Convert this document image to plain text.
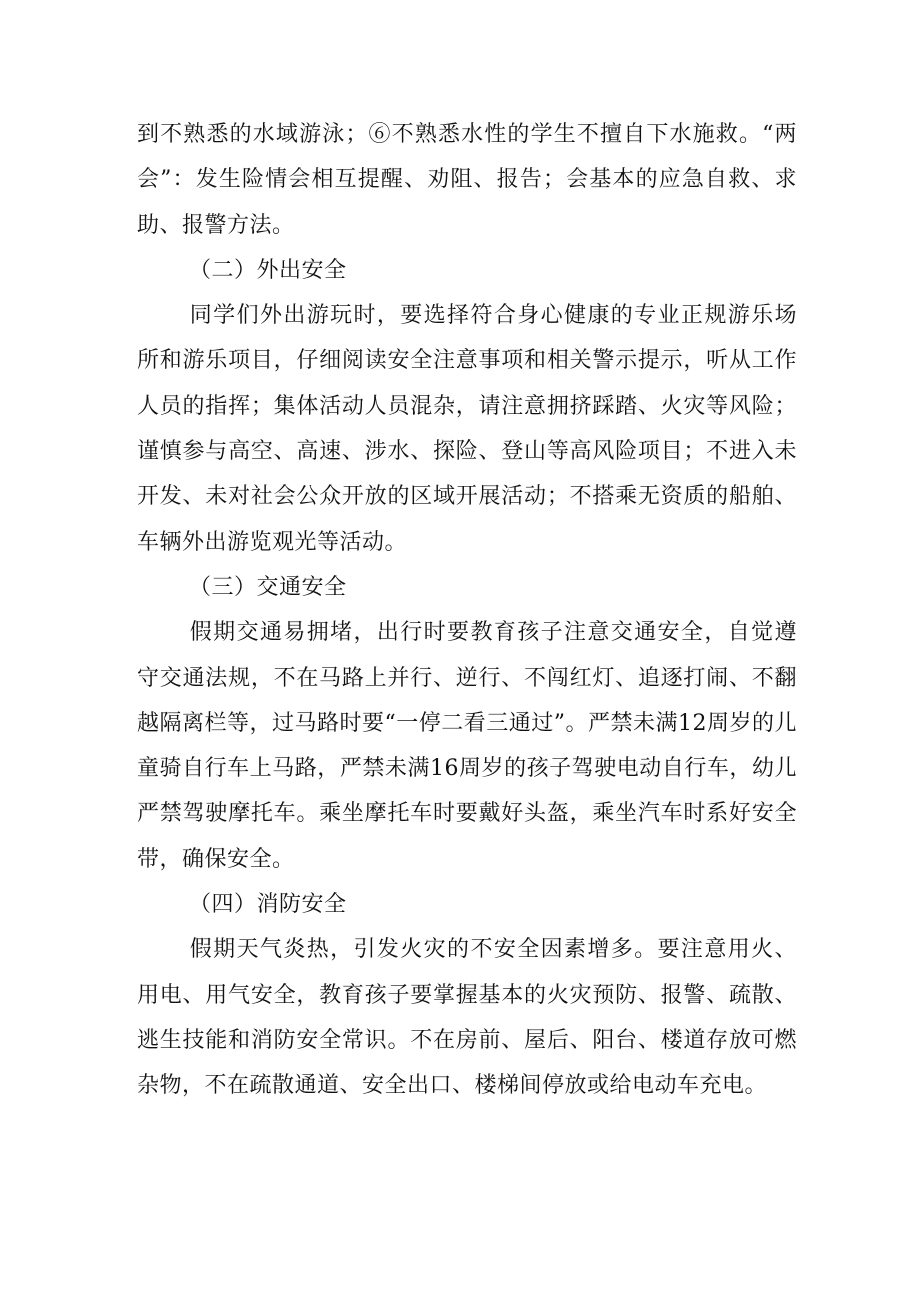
到不熟悉的水域游泳；⑥不熟悉水性的学生不擅自下水施救。“两会”：发生险情会相互提醒、劝阻、报告；会基本的应急自救、求助、报警方法。

（二）外出安全

同学们外出游玩时，要选择符合身心健康的专业正规游乐场所和游乐项目，仔细阅读安全注意事项和相关警示提示，听从工作人员的指挥；集体活动人员混杂，请注意拥挤踩踏、火灾等风险；谨慎参与高空、高速、涉水、探险、登山等高风险项目；不进入未开发、未对社会公众开放的区域开展活动；不搭乘无资质的船舶、车辆外出游览观光等活动。

（三）交通安全

假期交通易拥堵，出行时要教育孩子注意交通安全，自觉遵守交通法规，不在马路上并行、逆行、不闯红灯、追逐打闹、不翻越隔离栏等，过马路时要“一停二看三通过”。严禁未满12周岁的儿童骑自行车上马路，严禁未满16周岁的孩子驾驶电动自行车，幼儿严禁驾驶摩托车。乘坐摩托车时要戴好头盔，乘坐汽车时系好安全带，确保安全。

（四）消防安全

假期天气炎热，引发火灾的不安全因素增多。要注意用火、用电、用气安全，教育孩子要掌握基本的火灾预防、报警、疏散、逃生技能和消防安全常识。不在房前、屋后、阳台、楼道存放可燃杂物，不在疏散通道、安全出口、楼梯间停放或给电动车充电。
